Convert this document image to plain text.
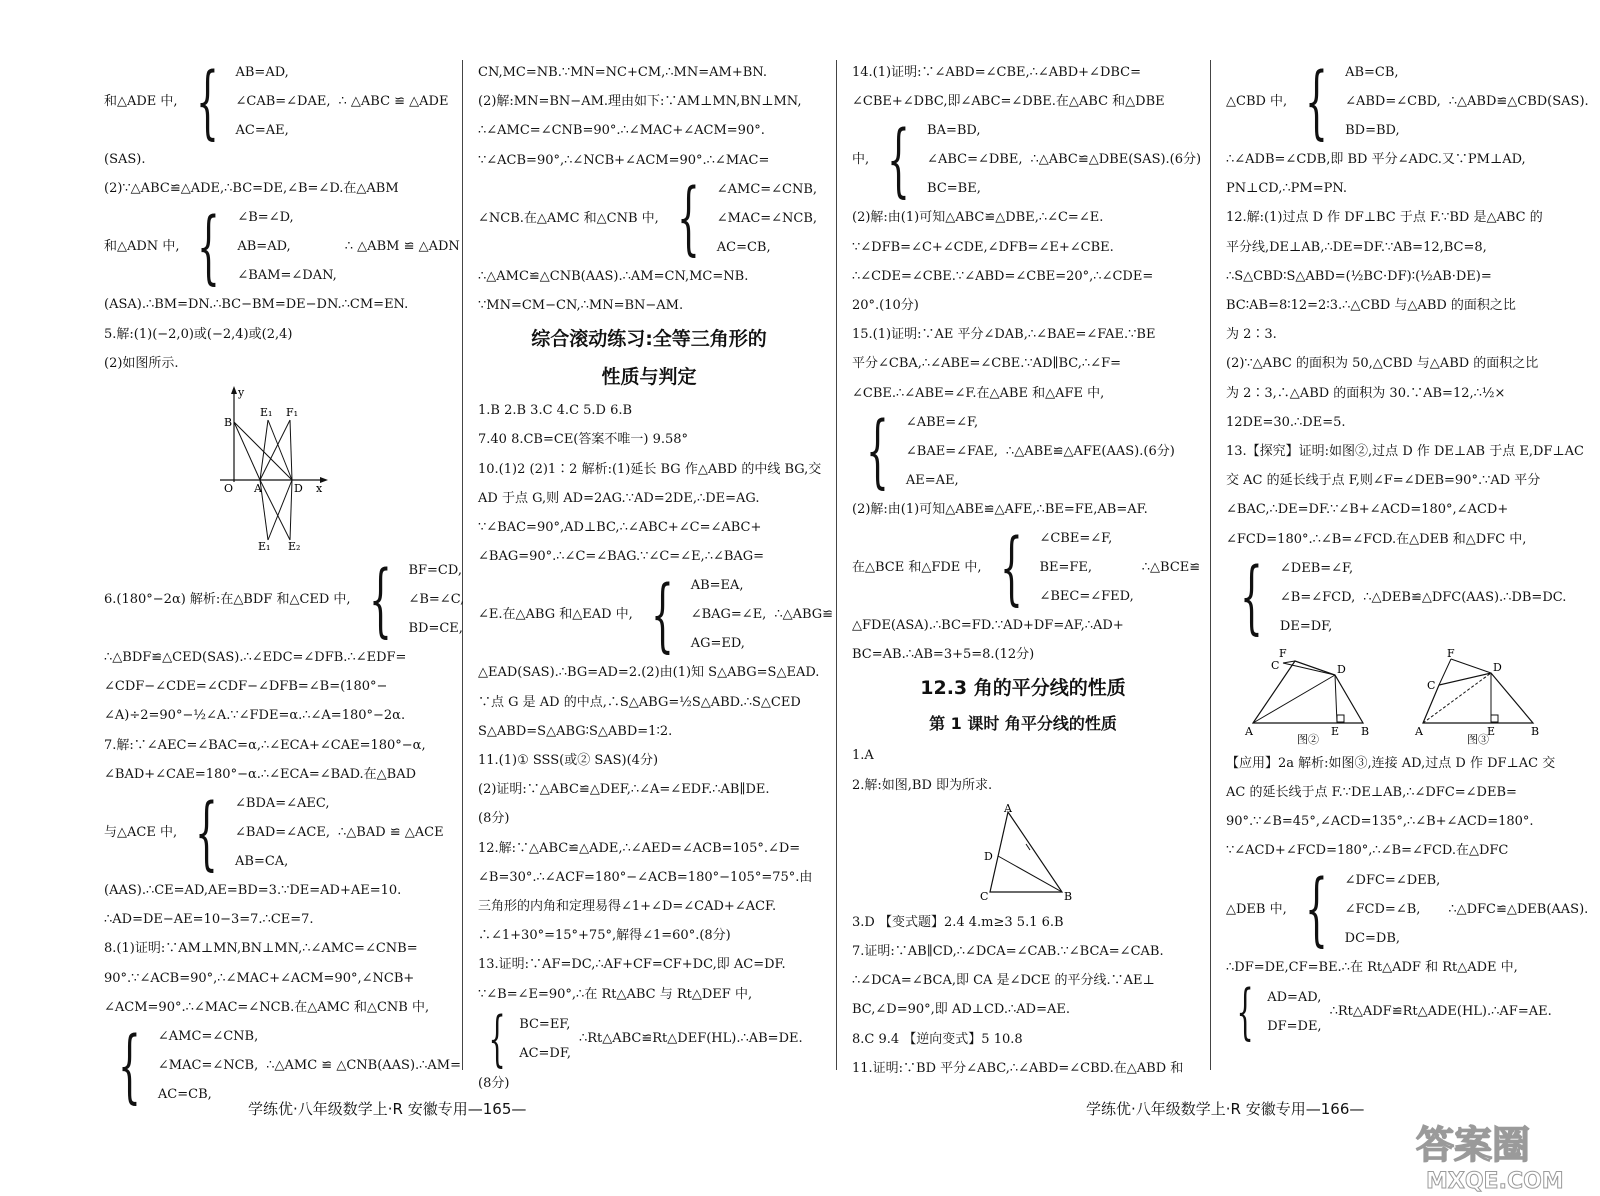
和△ADE 中, { AB=AD,
∠CAB=∠DAE,
AC=AE,
∴ △ABC ≌ △ADE
(SAS).
(2)∵△ABC≌△ADE,∴BC=DE,∠B=∠D.在△ABM
和△ADN 中, { ∠B=∠D,
AB=AD,
∠BAM=∠DAN,
∴ △ABM ≌ △ADN
(ASA).∴BM=DN.∴BC−BM=DE−DN.∴CM=EN.
5.解:(1)(−2,0)或(−2,4)或(2,4)
(2)如图所示.
y
B
E₁ F₁
O A	D x
E₁ E₂
6.(180°−2α) 解析:在△BDF 和△CED 中, { BF=CD,
∠B=∠C,
BD=CE,
∴△BDF≌△CED(SAS).∴∠EDC=∠DFB.∴∠EDF=
∠CDF−∠CDE=∠CDF−∠DFB=∠B=(180°−
∠A)÷2=90°−½∠A.∵∠FDE=α.∴∠A=180°−2α.
7.解:∵∠AEC=∠BAC=α,∴∠ECA+∠CAE=180°−α,
∠BAD+∠CAE=180°−α.∴∠ECA=∠BAD.在△BAD
与△ACE 中, { ∠BDA=∠AEC,
∠BAD=∠ACE,
AB=CA,
∴△BAD ≌ △ACE
(AAS).∴CE=AD,AE=BD=3.∵DE=AD+AE=10.
∴AD=DE−AE=10−3=7.∴CE=7.
8.(1)证明:∵AM⊥MN,BN⊥MN,∴∠AMC=∠CNB=
90°.∵∠ACB=90°,∴∠MAC+∠ACM=90°,∠NCB+
∠ACM=90°.∴∠MAC=∠NCB.在△AMC 和△CNB 中,
{ ∠AMC=∠CNB,
∠MAC=∠NCB,
AC=CB,
∴△AMC ≌ △CNB(AAS).∴AM=
CN,MC=NB.∵MN=NC+CM,∴MN=AM+BN.
(2)解:MN=BN−AM.理由如下:∵AM⊥MN,BN⊥MN,
∴∠AMC=∠CNB=90°.∴∠MAC+∠ACM=90°.
∵∠ACB=90°,∴∠NCB+∠ACM=90°.∴∠MAC=
∠NCB.在△AMC 和△CNB 中, { ∠AMC=∠CNB,
∠MAC=∠NCB,
AC=CB,
∴△AMC≌△CNB(AAS).∴AM=CN,MC=NB.
∵MN=CM−CN,∴MN=BN−AM.
综合滚动练习:全等三角形的
性质与判定
1.B 2.B 3.C 4.C 5.D 6.B
7.40 8.CB=CE(答案不唯一) 9.58°
10.(1)2 (2)1∶2 解析:(1)延长 BG 作△ABD 的中线 BG,交
AD 于点 G,则 AD=2AG.∵AD=2DE,∴DE=AG.
∵∠BAC=90°,AD⊥BC,∴∠ABC+∠C=∠ABC+
∠BAG=90°.∴∠C=∠BAG.∵∠C=∠E,∴∠BAG=
∠E.在△ABG 和△EAD 中, { AB=EA,
∠BAG=∠E,
AG=ED,
∴△ABG≌
△EAD(SAS).∴BG=AD=2.(2)由(1)知 S△ABG=S△EAD.
∵点 G 是 AD 的中点,∴S△ABG=½S△ABD.∴S△CED
S△ABD=S△ABG∶S△ABD=1∶2.
11.(1)① SSS(或② SAS)(4分)
(2)证明:∵△ABC≌△DEF,∴∠A=∠EDF.∴AB∥DE.
(8分)
12.解:∵△ABC≌△ADE,∴∠AED=∠ACB=105°.∠D=
∠B=30°.∴∠ACF=180°−∠ACB=180°−105°=75°.由
三角形的内角和定理易得∠1+∠D=∠CAD+∠ACF.
∴∠1+30°=15°+75°,解得∠1=60°.(8分)
13.证明:∵AF=DC,∴AF+CF=CF+DC,即 AC=DF.
∵∠B=∠E=90°,∴在 Rt△ABC 与 Rt△DEF 中,
{ BC=EF,
AC=DF,
∴Rt△ABC≌Rt△DEF(HL).∴AB=DE.
(8分)
14.(1)证明:∵∠ABD=∠CBE,∴∠ABD+∠DBC=
∠CBE+∠DBC,即∠ABC=∠DBE.在△ABC 和△DBE
中, { BA=BD,
∠ABC=∠DBE,
BC=BE,
∴△ABC≌△DBE(SAS).(6分)
(2)解:由(1)可知△ABC≌△DBE,∴∠C=∠E.
∵∠DFB=∠C+∠CDE,∠DFB=∠E+∠CBE.
∴∠CDE=∠CBE.∵∠ABD=∠CBE=20°,∴∠CDE=
20°.(10分)
15.(1)证明:∵AE 平分∠DAB,∴∠BAE=∠FAE.∵BE
平分∠CBA,∴∠ABE=∠CBE.∵AD∥BC,∴∠F=
∠CBE.∴∠ABE=∠F.在△ABE 和△AFE 中,
{ ∠ABE=∠F,
∠BAE=∠FAE,
AE=AE,
∴△ABE≌△AFE(AAS).(6分)
(2)解:由(1)可知△ABE≌△AFE,∴BE=FE,AB=AF.
在△BCE 和△FDE 中, { ∠CBE=∠F,
BE=FE,
∠BEC=∠FED,
∴△BCE≌
△FDE(ASA).∴BC=FD.∵AD+DF=AF,∴AD+
BC=AB.∴AB=3+5=8.(12分)
12.3 角的平分线的性质
第 1 课时 角平分线的性质
1.A
2.解:如图,BD 即为所求.
A
D
C	B
3.D 【变式题】2.4 4.m≥3 5.1 6.B
7.证明:∵AB∥CD,∴∠DCA=∠CAB.∵∠BCA=∠CAB.
∴∠DCA=∠BCA,即 CA 是∠DCE 的平分线.∵AE⊥
BC,∠D=90°,即 AD⊥CD.∴AD=AE.
8.C 9.4 【逆向变式】5 10.8
11.证明:∵BD 平分∠ABC,∴∠ABD=∠CBD.在△ABD 和
△CBD 中, { AB=CB,
∠ABD=∠CBD,
BD=BD,
∴△ABD≌△CBD(SAS).
∴∠ADB=∠CDB,即 BD 平分∠ADC.又∵PM⊥AD,
PN⊥CD,∴PM=PN.
12.解:(1)过点 D 作 DF⊥BC 于点 F.∵BD 是△ABC 的
平分线,DE⊥AB,∴DE=DF.∵AB=12,BC=8,
∴S△CBD∶S△ABD=(½BC·DF)∶(½AB·DE)=
BC∶AB=8∶12=2∶3.∴△CBD 与△ABD 的面积之比
为 2∶3.
(2)∵△ABC 的面积为 50,△CBD 与△ABD 的面积之比
为 2∶3,∴△ABD 的面积为 30.∵AB=12,∴½×
12DE=30.∴DE=5.
13.【探究】证明:如图②,过点 D 作 DE⊥AB 于点 E,DF⊥AC
交 AC 的延长线于点 F,则∠F=∠DEB=90°.∵AD 平分
∠BAC,∴DE=DF.∵∠B+∠ACD=180°,∠ACD+
∠FCD=180°.∴∠B=∠FCD.在△DEB 和△DFC 中,
{ ∠DEB=∠F,
∠B=∠FCD,
DE=DF,
∴△DEB≌△DFC(AAS).∴DB=DC.
F
C	D
A	E B
图②
F
C
D
A	E	B
图③
【应用】2a 解析:如图③,连接 AD,过点 D 作 DF⊥AC 交
AC 的延长线于点 F.∵DE⊥AB,∴∠DFC=∠DEB=
90°.∵∠B=45°,∠ACD=135°,∴∠B+∠ACD=180°.
∵∠ACD+∠FCD=180°,∴∠B=∠FCD.在△DFC
△DEB 中, { ∠DFC=∠DEB,
∠FCD=∠B,
DC=DB,
∴△DFC≌△DEB(AAS).
∴DF=DE,CF=BE.∴在 Rt△ADF 和 Rt△ADE 中,
{ AD=AD,
DF=DE,
∴Rt△ADF≌Rt△ADE(HL).∴AF=AE.
学练优·八年级数学上·R 安徽专用—165—	学练优·八年级数学上·R 安徽专用—166—
答案圈
MXQE.COM
